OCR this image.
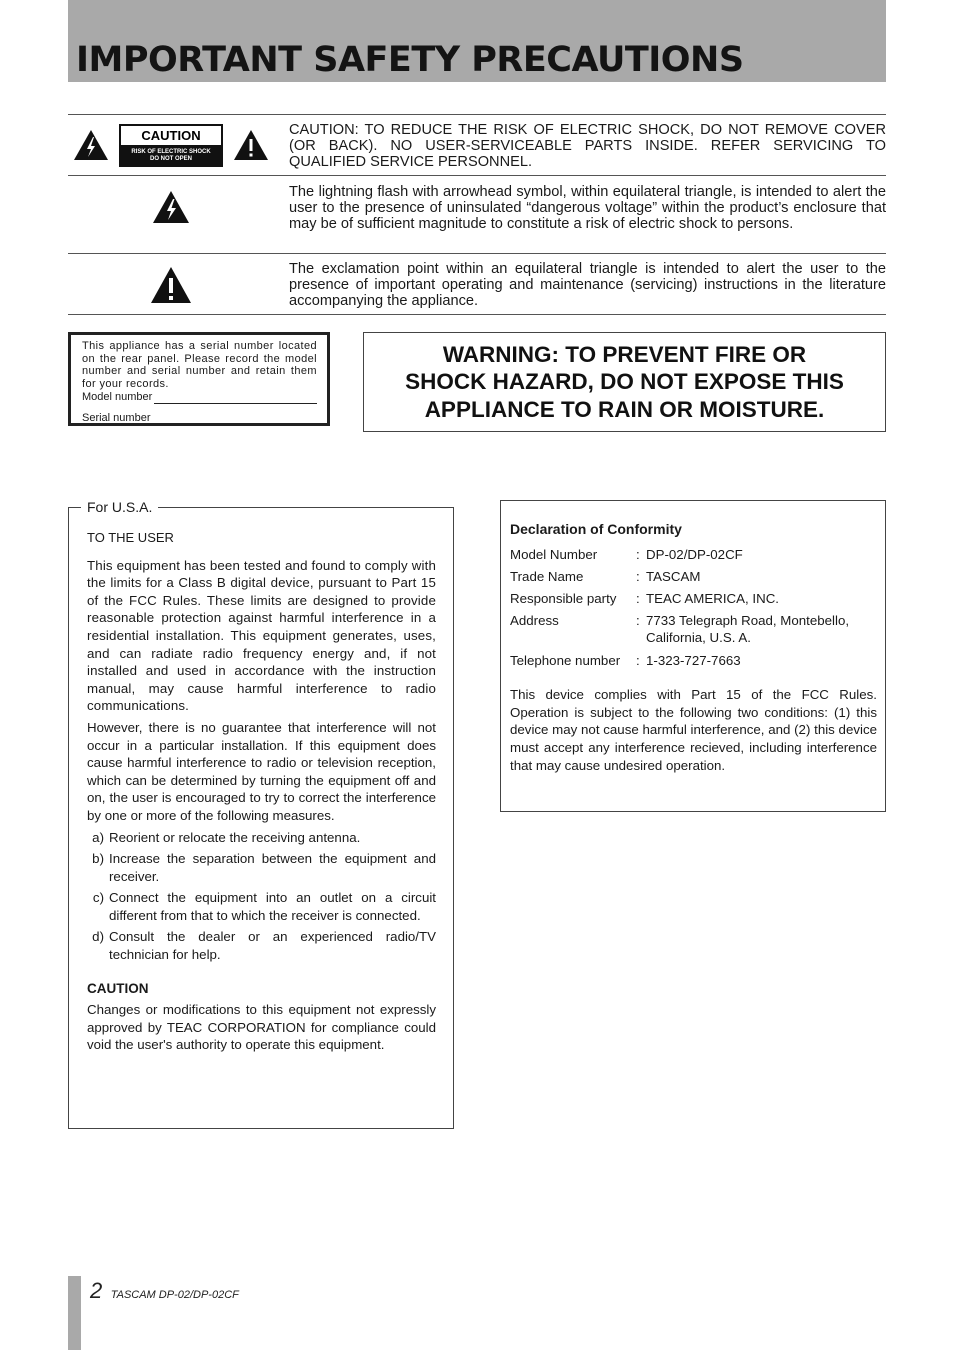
IMPORTANT SAFETY PRECAUTIONS
CAUTION
RISK OF ELECTRIC SHOCK
DO NOT OPEN
CAUTION: TO REDUCE THE RISK OF ELECTRIC SHOCK, DO NOT REMOVE COVER (OR BACK). NO USER-SERVICEABLE PARTS INSIDE. REFER SERVICING TO QUALIFIED SERVICE PERSONNEL.
The lightning flash with arrowhead symbol, within equilateral triangle, is intended to alert the user to the presence of uninsulated “dangerous voltage” within the product’s enclosure that may be of sufficient magnitude to constitute a risk of electric shock to persons.
The exclamation point within an equilateral triangle is intended to alert the user to the presence of important operating and maintenance (servicing) instructions in the literature accompanying the appliance.
This appliance has a serial number located on the rear panel. Please record the model number and serial number and retain them for your records.
Model number
Serial number
WARNING: TO PREVENT FIRE OR
SHOCK HAZARD, DO NOT EXPOSE THIS
APPLIANCE TO RAIN OR MOISTURE.
For U.S.A.

TO THE USER

This equipment has been tested and found to comply with the limits for a Class B digital device, pursuant to Part 15 of the FCC Rules. These limits are designed to provide reasonable protection against harmful interference in a residential installation. This equipment generates, uses, and can radiate radio frequency energy and, if not installed and used in accordance with the instruction manual, may cause harmful interference to radio communications.

However, there is no guarantee that interference will not occur in a particular installation. If this equipment does cause harmful interference to radio or television reception, which can be determined by turning the equipment off and on, the user is encouraged to try to correct the interference by one or more of the following measures.

a) Reorient or relocate the receiving antenna.
b) Increase the separation between the equipment and receiver.
c) Connect the equipment into an outlet on a circuit different from that to which the receiver is connected.
d) Consult the dealer or an experienced radio/TV technician for help.
CAUTION

Changes or modifications to this equipment not expressly approved by TEAC CORPORATION for compliance could void the user's authority to operate this equipment.

Declaration of Conformity
Model Number	: DP-02/DP-02CF
Trade Name	: TASCAM
Responsible party	: TEAC AMERICA, INC.
Address	: 7733 Telegraph Road, Montebello, California, U.S. A.
Telephone number	: 1-323-727-7663
This device complies with Part 15 of the FCC Rules. Operation is subject to the following two conditions: (1) this device may not cause harmful interference, and (2) this device must accept any interference recieved, including interference that may cause undesired operation.
2 TASCAM DP-02/DP-02CF
